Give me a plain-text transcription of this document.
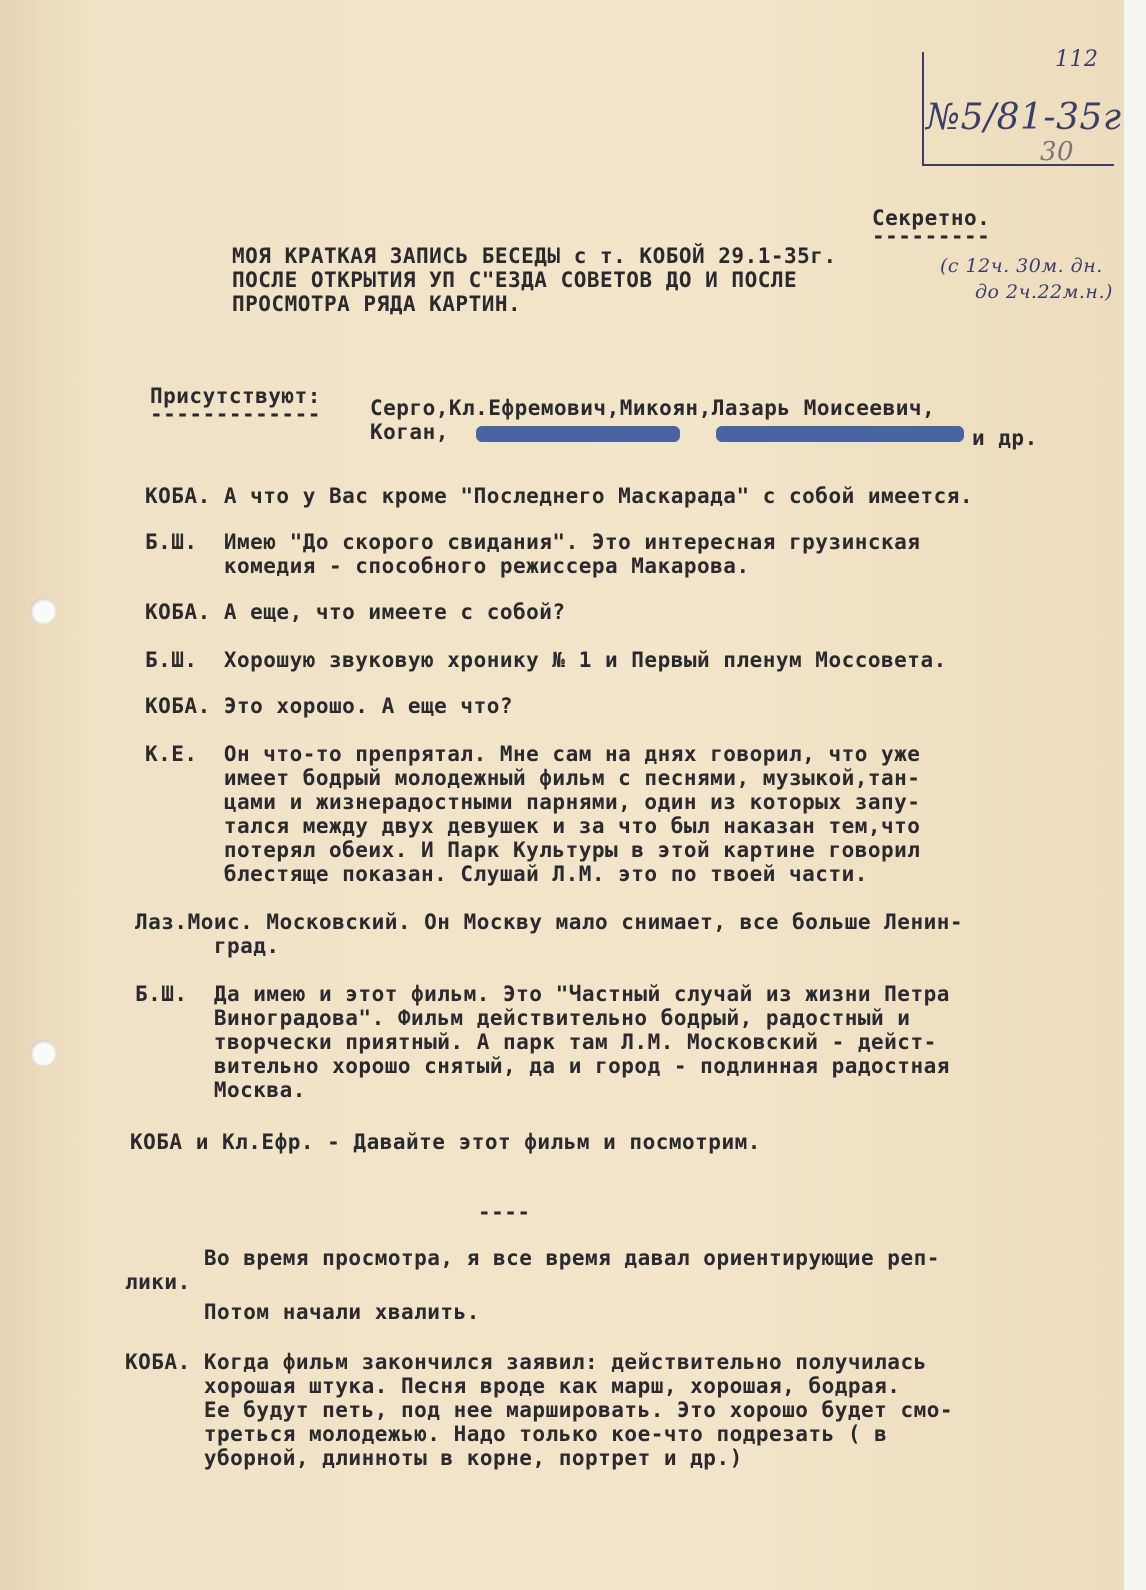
112
№5/81-35г
30
Секретно.
---------
МОЯ КРАТКАЯ ЗАПИСЬ БЕСЕДЫ с т. КОБОЙ 29.1-35г.
ПОСЛЕ ОТКРЫТИЯ УП С"ЕЗДА СОВЕТОВ ДО И ПОСЛЕ
ПРОСМОТРА РЯДА КАРТИН.
(с 12ч. 30м. дн.
до 2ч.22м.н.)
Присутствуют:
------------- Серго,Кл.Ефремович,Микоян,Лазарь Моисеевич,
Коган,	и др.
КОБА. А что у Вас кроме "Последнего Маскарада" с собой имеется.
Б.Ш.  Имею "До скорого свидания". Это интересная грузинская
комедия - способного режиссера Макарова.
КОБА. А еще, что имеете с собой?
Б.Ш.  Хорошую звуковую хронику № 1 и Первый пленум Моссовета.
КОБА. Это хорошо. А еще что?
К.Е.  Он что-то препрятал. Мне сам на днях говорил, что уже
имеет бодрый молодежный фильм с песнями, музыкой,тан-
цами и жизнерадостными парнями, один из которых запу-
тался между двух девушек и за что был наказан тем,что
потерял обеих. И Парк Культуры в этой картине говорил
блестяще показан. Слушай Л.М. это по твоей части.
Лаз.Моис. Московский. Он Москву мало снимает, все больше Ленин-
град.
Б.Ш.  Да имею и этот фильм. Это "Частный случай из жизни Петра
Виноградова". Фильм действительно бодрый, радостный и
творчески приятный. А парк там Л.М. Московский - дейст-
вительно хорошо снятый, да и город - подлинная радостная
Москва.
КОБА и Кл.Ефр. - Давайте этот фильм и посмотрим.
----
Во время просмотра, я все время давал ориентирующие реп-
лики.
Потом начали хвалить.
КОБА. Когда фильм закончился заявил: действительно получилась
хорошая штука. Песня вроде как марш, хорошая, бодрая.
Ее будут петь, под нее маршировать. Это хорошо будет смо-
треться молодежью. Надо только кое-что подрезать ( в
уборной, длинноты в корне, портрет и др.)
